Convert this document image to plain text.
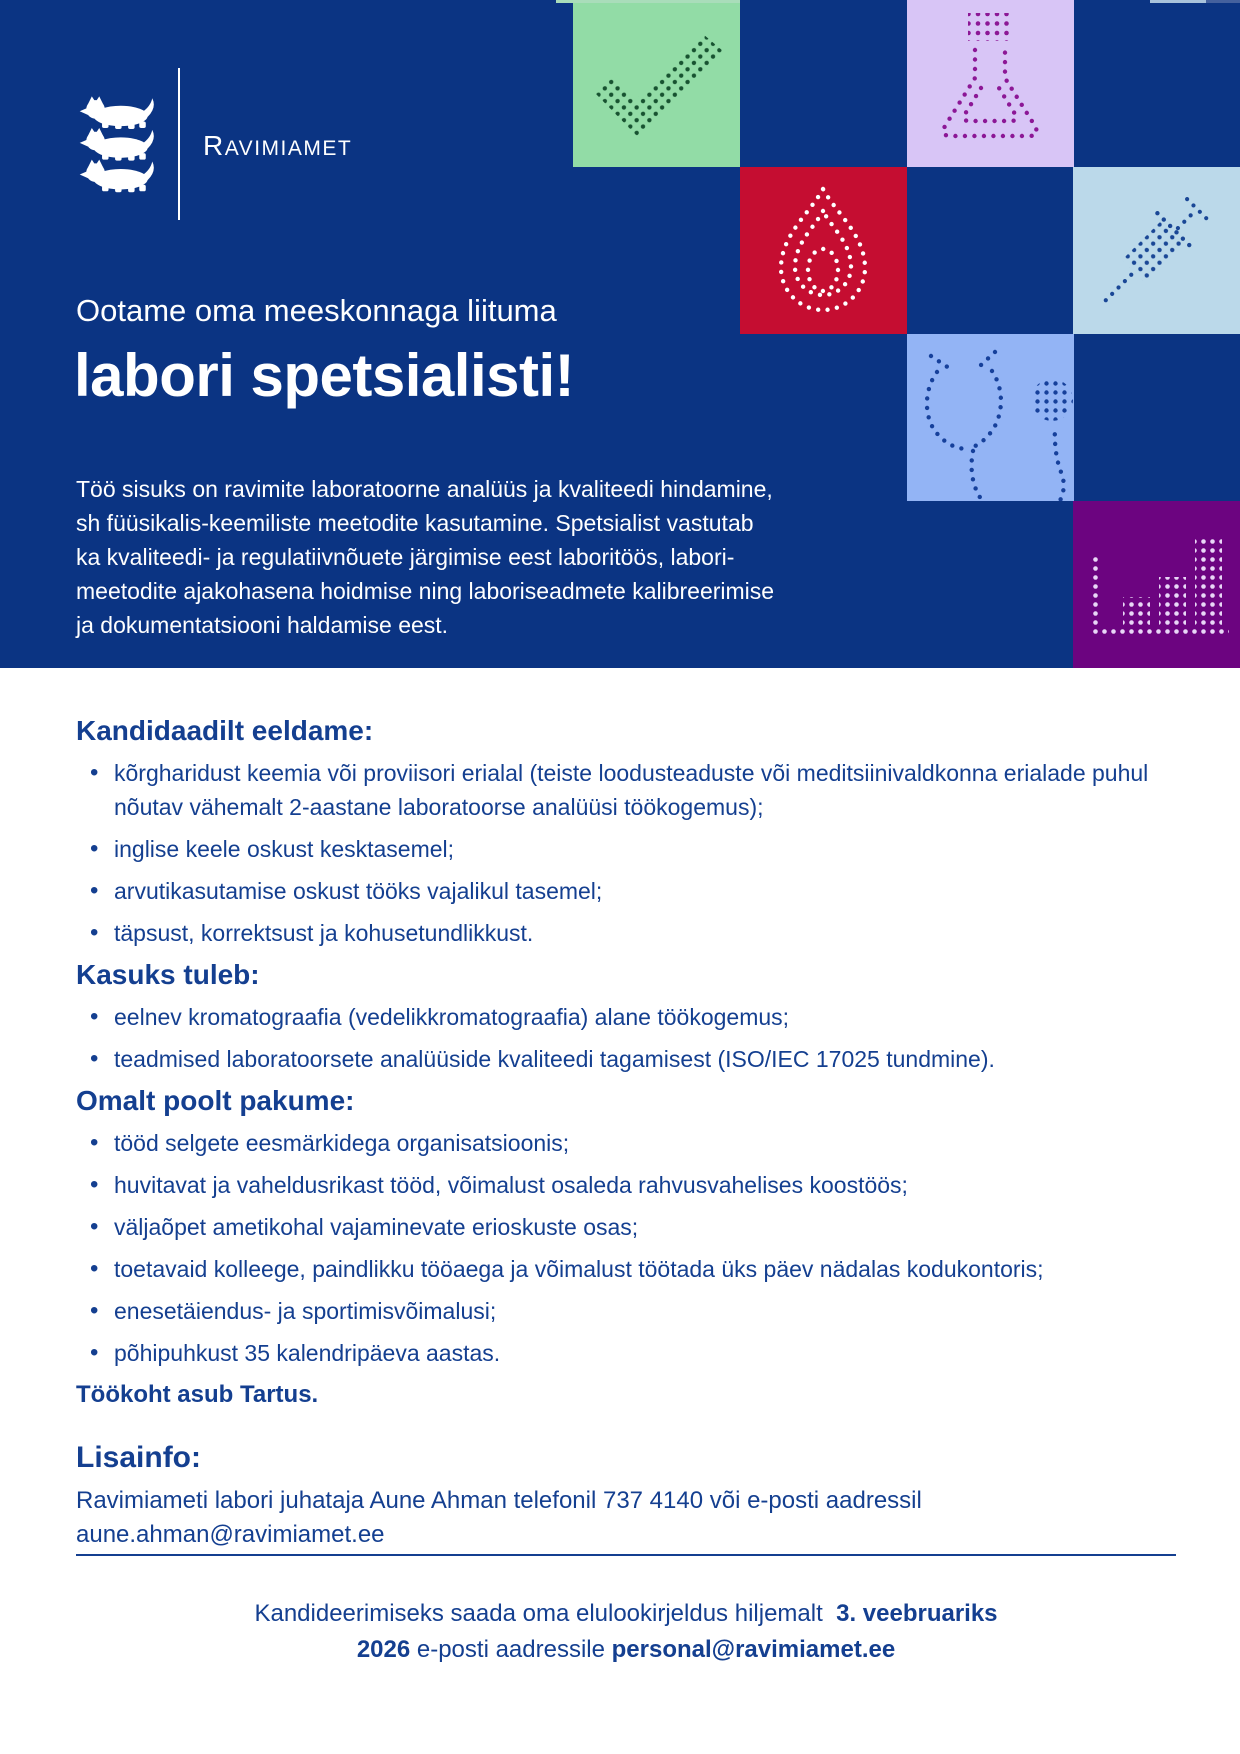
RAVIMIAMET
Ootame oma meeskonnaga liituma
labori spetsialisti!
Töö sisuks on ravimite laboratoorne analüüs ja kvaliteedi hindamine,
sh füüsikalis-keemiliste meetodite kasutamine. Spetsialist vastutab
ka kvaliteedi- ja regulatiivnõuete järgimise eest laboritöös, labori-
meetodite ajakohasena hoidmise ning laboriseadmete kalibreerimise
ja dokumentatsiooni haldamise eest.
Kandidaadilt eeldame:
• kõrgharidust keemia või proviisori erialal (teiste loodusteaduste või meditsiinivaldkonna erialade puhul nõutav vähemalt 2-aastane laboratoorse analüüsi töökogemus);
• inglise keele oskust kesktasemel;
• arvutikasutamise oskust tööks vajalikul tasemel;
• täpsust, korrektsust ja kohusetundlikkust.
Kasuks tuleb:
• eelnev kromatograafia (vedelikkromatograafia) alane töökogemus;
• teadmised laboratoorsete analüüside kvaliteedi tagamisest (ISO/IEC 17025 tundmine).
Omalt poolt pakume:
• tööd selgete eesmärkidega organisatsioonis;
• huvitavat ja vaheldusrikast tööd, võimalust osaleda rahvusvahelises koostöös;
• väljaõpet ametikohal vajaminevate erioskuste osas;
• toetavaid kolleege, paindlikku tööaega ja võimalust töötada üks päev nädalas kodukontoris;
• enesetäiendus- ja sportimisvõimalusi;
• põhipuhkust 35 kalendripäeva aastas.
Töökoht asub Tartus.
Lisainfo:
Ravimiameti labori juhataja Aune Ahman telefonil 737 4140 või e-posti aadressil
aune.ahman@ravimiamet.ee
Kandideerimiseks saada oma elulookirjeldus hiljemalt  3. veebruariks
2026 e-posti aadressile personal@ravimiamet.ee
